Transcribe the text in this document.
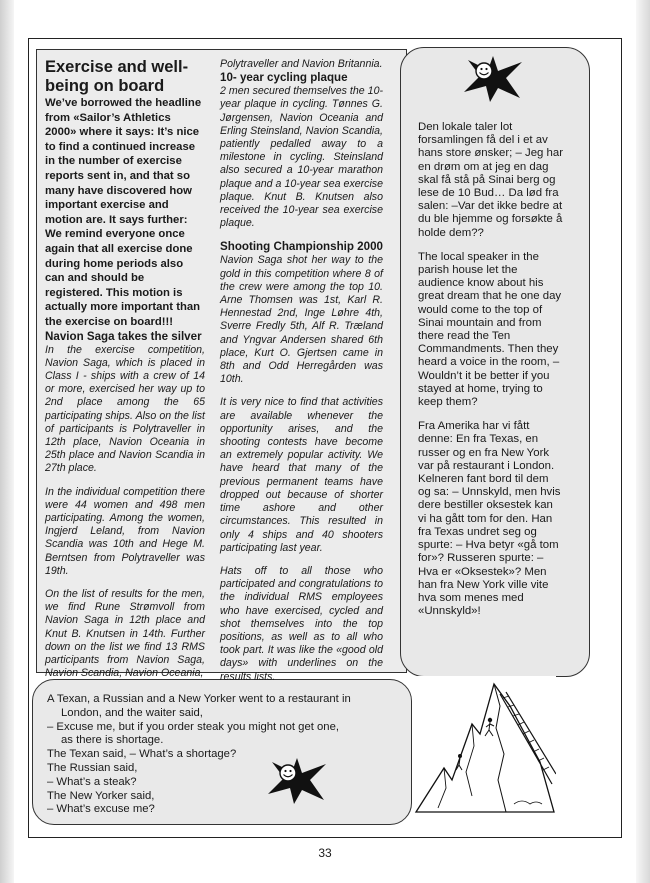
Exercise and well-being on board

We’ve borrowed the headline from «Sailor’s Athletics 2000» where it says: It’s nice to find a continued increase in the number of exercise reports sent in, and that so many have discovered how important exercise and motion are. It says further: We remind everyone once again that all exercise done during home periods also can and should be registered. This motion is actually more important than the exercise on board!!!

Navion Saga takes the silver

In the exercise competition, Navion Saga, which is placed in Class I - ships with a crew of 14 or more, exercised her way up to 2nd place among the 65 participating ships. Also on the list of participants is Polytraveller in 12th place, Navion Oceania in 25th place and Navion Scandia in 27th place.

In the individual competition there were 44 women and 498 men participating. Among the women, Ingjerd Leland, from Navion Scandia was 10th and Hege M. Berntsen from Polytraveller was 19th.

On the list of results for the men, we find Rune Strømvoll from Navion Saga in 12th place and Knut B. Knutsen in 14th. Further down on the list we find 13 RMS participants from Navion Saga, Navion Scandia, Navion Oceania,

Polytraveller and Navion Britannia.

10- year cycling plaque

2 men secured themselves the 10-year plaque in cycling. Tønnes G. Jørgensen, Navion Oceania and Erling Steinsland, Navion Scandia, patiently pedalled away to a milestone in cycling. Steinsland also secured a 10-year marathon plaque and a 10-year sea exercise plaque. Knut B. Knutsen also received the 10-year sea exercise plaque.

Shooting Championship 2000

Navion Saga shot her way to the gold in this competition where 8 of the crew were among the top 10. Arne Thomsen was 1st, Karl R. Hennestad 2nd, Inge Løhre 4th, Sverre Fredly 5th, Alf R. Træland and Yngvar Andersen shared 6th place, Kurt O. Gjertsen came in 8th and Odd Herregården was 10th.

It is very nice to find that activities are available whenever the opportunity arises, and the shooting contests have become an extremely popular activity. We have heard that many of the previous permanent teams have dropped out because of shorter time ashore and other circumstances. This resulted in only 4 ships and 40 shooters participating last year.

Hats off to all those who participated and congratulations to the individual RMS employees who have exercised, cycled and shot themselves into the top positions, as well as to all who took part. It was like the «good old days» with underlines on the results lists.

Den lokale taler lot forsamlingen få del i et av hans store ønsker; – Jeg har en drøm om at jeg en dag skal få stå på Sinai berg og lese de 10 Bud… Da lød fra salen: –Var det ikke bedre at du ble hjemme og forsøkte å holde dem??

The local speaker in the parish house let the audience know about his great dream that he one day would come to the top of Sinai mountain and from there read the Ten Commandments. Then they heard a voice in the room, – Wouldn’t it be better if you stayed at home, trying to keep them?

Fra Amerika har vi fått denne: En fra Texas, en russer og en fra New York var på restaurant i London. Kelneren fant bord til dem og sa: – Unnskyld, men hvis dere bestiller oksestek kan vi ha gått tom for den. Han fra Texas undret seg og spurte: – Hva betyr «gå tom for»? Russeren spurte: – Hva er «Oksestek»? Men han fra New York ville vite hva som menes med «Unnskyld»!

A Texan, a Russian and a New Yorker went to a restaurant in

London, and the waiter said,

– Excuse me, but if you order steak you might not get one,

as there is shortage.

The Texan said, – What’s a shortage?

The Russian said,

– What’s a steak?

The New Yorker said,

– What’s excuse me?

33
